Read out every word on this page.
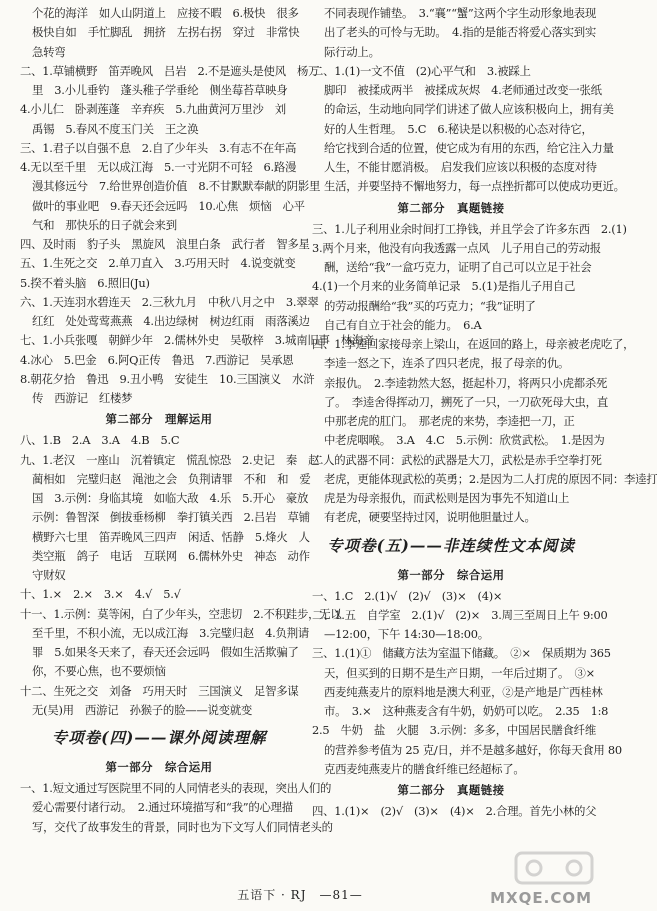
个花的海洋　如人山阴道上　应接不暇　6.极快　很多
极快自如　手忙脚乱　拥挤　左拐右拐　穿过　非常快
急转弯
二、1.草铺横野　笛弄晚风　吕岩　2.不是遮头是使风　杨万
里　3.小儿垂钓　蓬头稚子学垂纶　侧坐莓苔草映身
4.小儿仁　卧剥莲蓬　辛弃疾　5.九曲黄河万里沙　刘
禹锡　5.春风不度玉门关　王之涣
三、1.君子以自强不息　2.自了少年头　3.有志不在年高
4.无以至千里　无以成江海　5.一寸光阴不可轻　6.路漫
漫其修远兮　7.给世界创造价值　8.不甘默默奉献的阴影里
做叶的事业吧　9.春天还会远吗　10.心焦　烦恼　心平
气和　那快乐的日子就会来到
四、及时雨　豹子头　黑旋风　浪里白条　武行者　智多星
五、1.生死之交　2.单刀直入　3.巧用天时　4.说变就变
5.揆不着头脑　6.照旧(Ju)
六、1.天连羽水碧连天　2.三秋九月　中秋八月之中　3.翠翠
红红　处处莺莺燕燕　4.出边绿树　树边红雨　雨落溪边
七、1.小兵张嘎　朝鲜少年　2.儒林外史　吴敬梓　3.城南旧事　林海音
4.冰心　5.巴金　6.阿Q正传　鲁迅　7.西游记　吴承恩
8.朝花夕拾　鲁迅　9.丑小鸭　安徒生　10.三国演义　水浒
传　西游记　红楼梦
第二部分　理解运用
八、1.B　2.A　3.A　4.B　5.C
九、1.老汉　一座山　沉着镇定　慌乱惊恐　2.史记　秦　赵
蔺相如　完璧归赵　渑池之会　负荆请罪　不和　和　爱
国　3.示例：身临其境　如临大敌　4.乐　5.开心　豪放
示例：鲁智深　倒拔垂杨柳　拳打镇关西　2.吕岩　草铺
横野六七里　笛弄晚风三四声　闲适、恬静　5.烽火　人
类空瓶　鸽子　电话　互联网　6.儒林外史　神态　动作
守财奴
十、1.×　2.×　3.×　4.√　5.√
十一、1.示例：莫等闲，白了少年头，空悲切　2.不积跬步，无以
至千里，不积小流，无以成江海　3.完璧归赵　4.负荆请
罪　5.如果冬天来了，春天还会远吗　假如生活欺骗了
你，不要心焦，也不要烦恼
十二、生死之交　刘备　巧用天时　三国演义　足智多谋
无(吴)用　西游记　孙猴子的脸——说变就变
专项卷(四)——课外阅读理解
第一部分　综合运用
一、1.短文通过写医院里不同的人同情老头的表现，突出人们的
爱心需要付诸行动。　2.通过环境描写和“我”的心理描
写，交代了故事发生的背景，同时也为下文写人们同情老头的
不同表现作铺垫。　3.“襄”“蟹”这两个字生动形象地表现
出了老头的可怜与无助。　4.指的是能否将爱心落实到实
际行动上。
二、1.(1)一文不值　(2)心平气和　3.被踩上
脚印　被揉成两半　被揉成灰烬　4.老师通过改变一张纸
的命运，生动地向同学们讲述了做人应该积极向上，拥有美
好的人生哲理。　5.C　6.秘诀是以积极的心态对待它，
给它找到合适的位置，使它成为有用的东西，给它注入力量
人生，不能甘愿消极。　启发我们应该以积极的态度对待
生活，并要坚持不懈地努力，每一点挫折都可以使成功更近。
第二部分　真题链接
三、1.儿子利用业余时间打工挣钱，并且学会了许多东西　2.(1)
3.两个月来，他没有向我透露一点风　儿子用自己的劳动报
酬，送给“我”一盒巧克力，证明了自己可以立足于社会
4.(1)一个月来的业务简单记录　5.(1)是指儿子用自己
的劳动报酬给“我”买的巧克力；“我”证明了
自己有自立于社会的能力。　6.A
四、1.李逵回家接母亲上梁山，在返回的路上，母亲被老虎吃了，
李逵一怒之下，连杀了四只老虎，报了母亲的仇。
亲报仇。　2.李逵勃然大怒，挺起朴刀，将两只小虎都杀死
了。　李逵舍得挥动刀，搠死了一只，一刀砍死母大虫，直
中那老虎的肛门。　那老虎的来势，李逵把一刀，正
中老虎咽喉。　3.A　4.C　5.示例：欣赏武松。　1.是因为
二人的武器不同：武松的武器是大刀，武松是赤手空拳打死
老虎，更能体现武松的英勇；2.是因为二人打虎的原因不同：李逵打
虎是为母亲报仇，而武松则是因为事先不知道山上
有老虎，硬要坚持过冈，说明他胆量过人。
专项卷(五)——非连续性文本阅读
第一部分　综合运用
一、1.C　2.(1)√　(2)√　(3)×　(4)×
二、1.五　自学室　2.(1)√　(2)×　3.周三至周日上午 9:00
—12:00，下午 14:30—18:00。
三、1.(1)①　储藏方法为室温下储藏。　②×　保质期为 365
天，但买到的日期不是生产日期，一年后过期了。　③×
西麦纯燕麦片的原料地是澳大利亚，②是产地是广西桂林
市。　3.×　这种燕麦含有牛奶，奶奶可以吃。　2.35　1:8
2.5　牛奶　盐　火腿　3.示例：多多，中国居民膳食纤维
的营养参考值为 25 克/日，并不是越多越好，你每天食用 80
克西麦纯燕麦片的膳食纤维已经超标了。
第二部分　真题链接
四、1.(1)×　(2)√　(3)×　(4)×　2.合理。首先小林的父
五语下 · RJ　—81—	MXQE.COM
